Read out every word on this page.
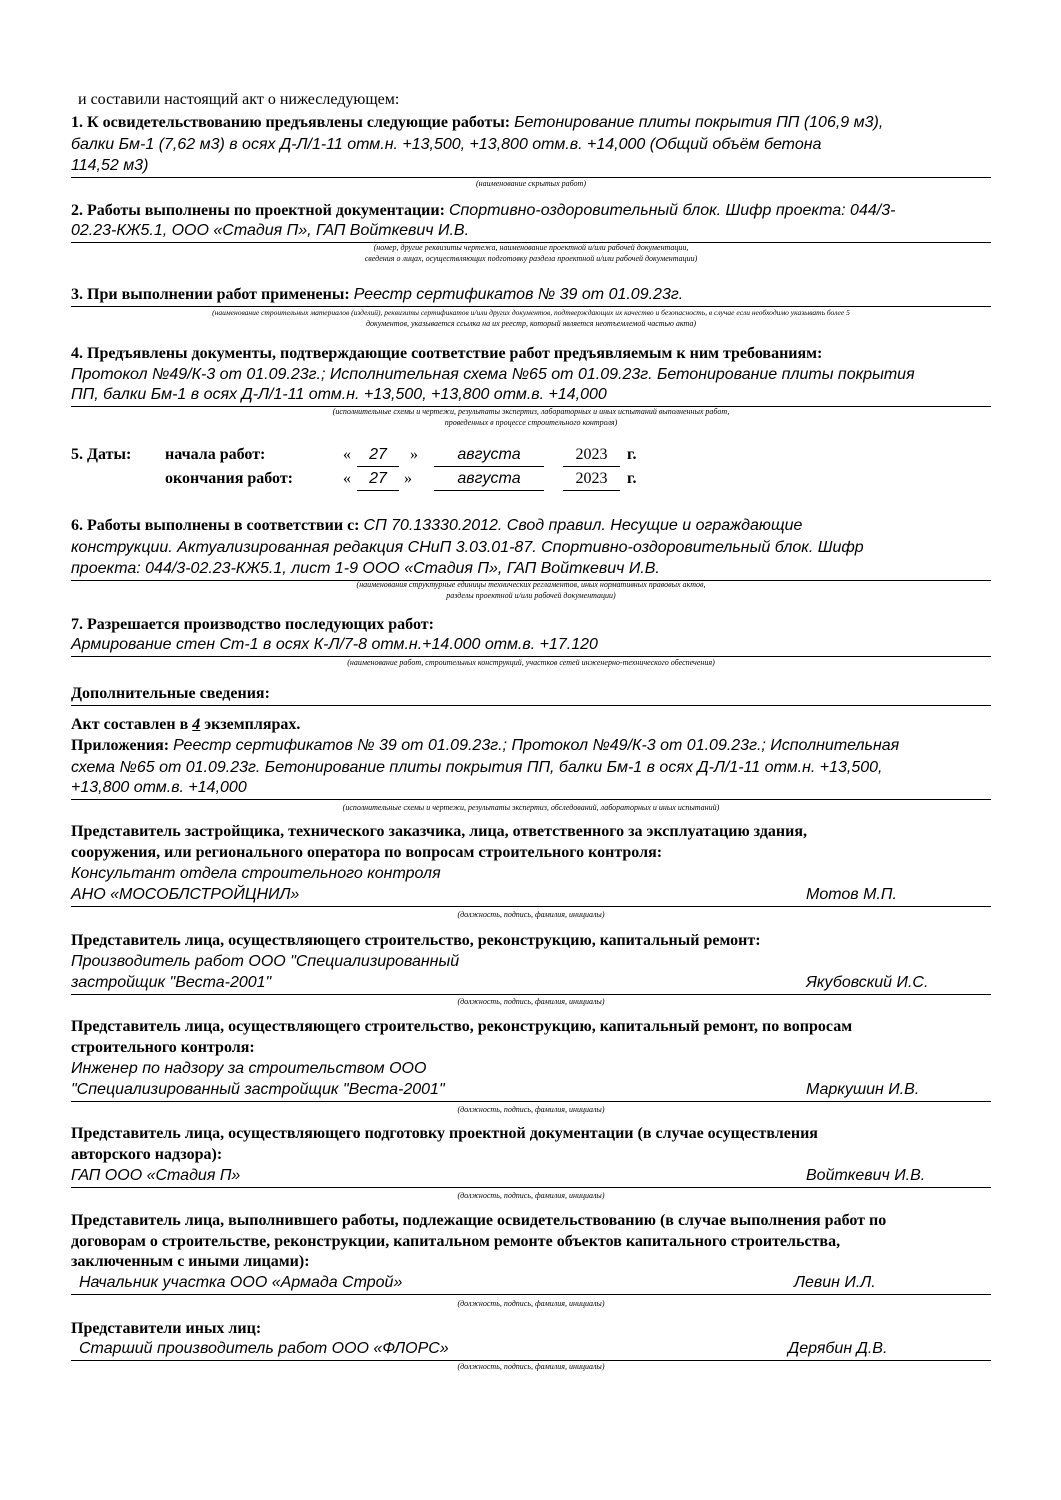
и составили настоящий акт о нижеследующем:
1. К освидетельствованию предъявлены следующие работы: Бетонирование плиты покрытия ПП (106,9 м3),
балки Бм-1 (7,62 м3) в осях Д-Л/1-11 отм.н. +13,500, +13,800 отм.в. +14,000 (Общий объём бетона
114,52 м3)
(наименование скрытых работ)
2. Работы выполнены по проектной документации: Спортивно-оздоровительный блок. Шифр проекта: 044/3-
02.23-КЖ5.1, ООО «Стадия П», ГАП Войткевич И.В.
(номер, другие реквизиты чертежа, наименование проектной и/или рабочей документации,
сведения о лицах, осуществляющих подготовку раздела проектной и/или рабочей документации)
3. При выполнении работ применены: Реестр сертификатов № 39 от 01.09.23г.
(наименование строительных материалов (изделий), реквизиты сертификатов и/или других документов, подтверждающих их качество и безопасность, в случае если необходимо указывать более 5
документов, указывается ссылка на их реестр, который является неотъемлемой частью акта)
4. Предъявлены документы, подтверждающие соответствие работ предъявляемым к ним требованиям:
Протокол №49/К-3 от 01.09.23г.; Исполнительная схема №65 от 01.09.23г. Бетонирование плиты покрытия
ПП, балки Бм-1 в осях Д-Л/1-11 отм.н. +13,500, +13,800 отм.в. +14,000
(исполнительные схемы и чертежи, результаты экспертиз, лабораторных и иных испытаний выполненных работ,
проведенных в процессе строительного контроля)
5. Даты: начала работ:	«	27	»	августа	2023	г.
окончания работ:	«	27	»	августа	2023	г.
6. Работы выполнены в соответствии с: СП 70.13330.2012. Свод правил. Несущие и ограждающие
конструкции. Актуализированная редакция СНиП 3.03.01-87. Спортивно-оздоровительный блок. Шифр
проекта: 044/3-02.23-КЖ5.1, лист 1-9 ООО «Стадия П», ГАП Войткевич И.В.
(наименования структурные единицы технических регламентов, иных нормативных правовых актов,
разделы проектной и/или рабочей документации)
7. Разрешается производство последующих работ:
Армирование стен Ст-1 в осях К-Л/7-8 отм.н.+14.000 отм.в. +17.120
(наименование работ, строительных конструкций, участков сетей инженерно-технического обеспечения)
Дополнительные сведения:
Акт составлен в 4 экземплярах.
Приложения: Реестр сертификатов № 39 от 01.09.23г.; Протокол №49/К-3 от 01.09.23г.; Исполнительная
схема №65 от 01.09.23г. Бетонирование плиты покрытия ПП, балки Бм-1 в осях Д-Л/1-11 отм.н. +13,500,
+13,800 отм.в. +14,000
(исполнительные схемы и чертежи, результаты экспертиз, обследований, лабораторных и иных испытаний)
Представитель застройщика, технического заказчика, лица, ответственного за эксплуатацию здания,
сооружения, или регионального оператора по вопросам строительного контроля:
Консультант отдела строительного контроля
АНО «МОСОБЛСТРОЙЦНИЛ»	Мотов М.П.
(должность, подпись, фамилия, инициалы)
Представитель лица, осуществляющего строительство, реконструкцию, капитальный ремонт:
Производитель работ ООО "Специализированный
застройщик "Веста-2001"	Якубовский И.С.
(должность, подпись, фамилия, инициалы)
Представитель лица, осуществляющего строительство, реконструкцию, капитальный ремонт, по вопросам
строительного контроля:
Инженер по надзору за строительством ООО
"Специализированный застройщик "Веста-2001"	Маркушин И.В.
(должность, подпись, фамилия, инициалы)
Представитель лица, осуществляющего подготовку проектной документации (в случае осуществления
авторского надзора):
ГАП ООО «Стадия П»	Войткевич И.В.
(должность, подпись, фамилия, инициалы)
Представитель лица, выполнившего работы, подлежащие освидетельствованию (в случае выполнения работ по
договорам о строительстве, реконструкции, капитальном ремонте объектов капитального строительства,
заключенным с иными лицами):
Начальник участка ООО «Армада Строй»	Левин И.Л.
(должность, подпись, фамилия, инициалы)
Представители иных лиц:
Старший производитель работ ООО «ФЛОРС»	Дерябин Д.В.
(должность, подпись, фамилия, инициалы)
